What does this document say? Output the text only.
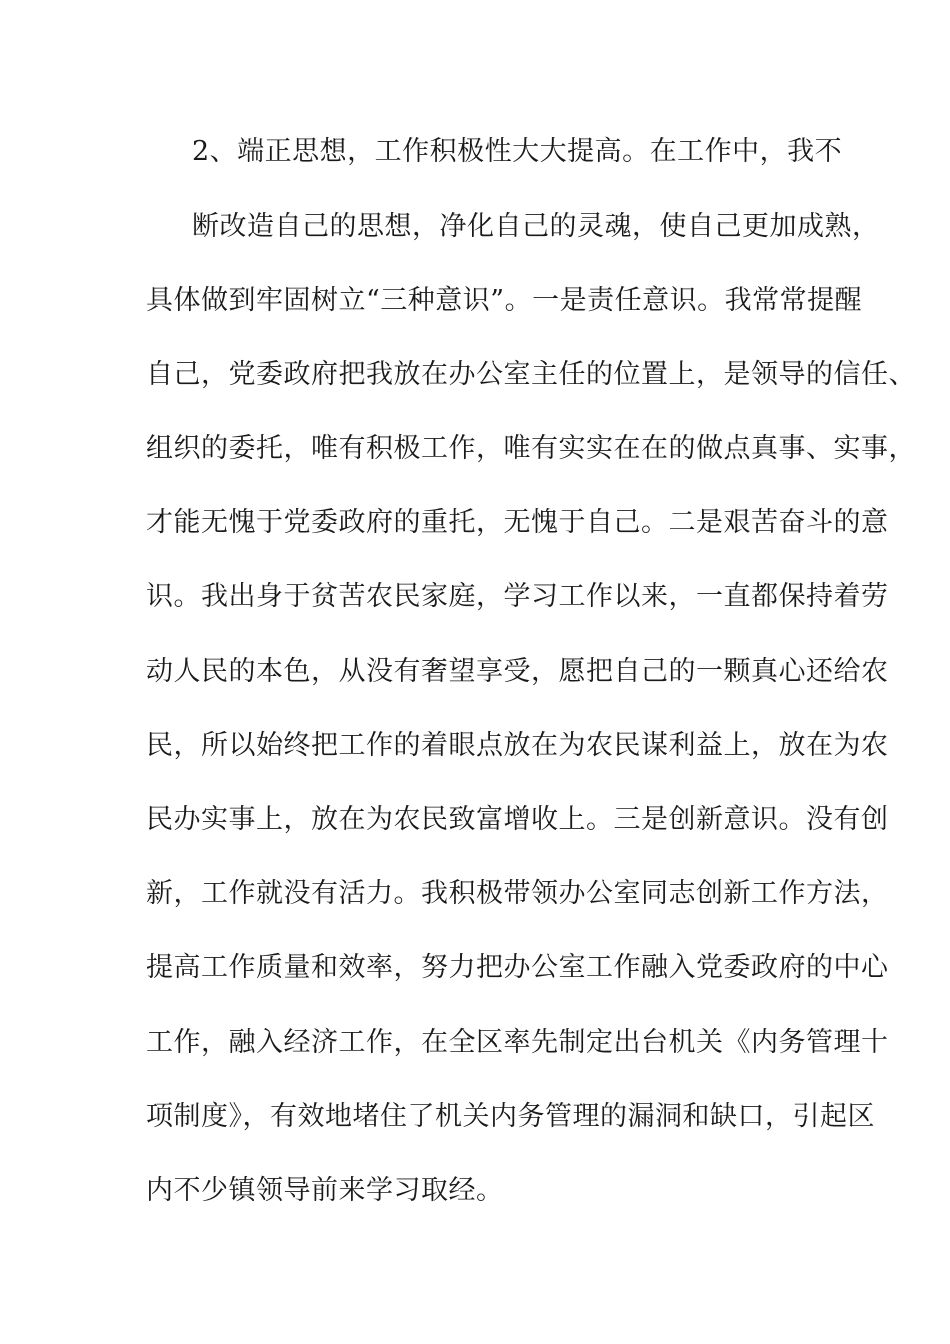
2、端正思想，工作积极性大大提高。在工作中，我不
断改造自己的思想，净化自己的灵魂，使自己更加成熟，
具体做到牢固树立“三种意识”。一是责任意识。我常常提醒
自己，党委政府把我放在办公室主任的位置上，是领导的信任、
组织的委托，唯有积极工作，唯有实实在在的做点真事、实事，
才能无愧于党委政府的重托，无愧于自己。二是艰苦奋斗的意
识。我出身于贫苦农民家庭，学习工作以来，一直都保持着劳
动人民的本色，从没有奢望享受，愿把自己的一颗真心还给农
民，所以始终把工作的着眼点放在为农民谋利益上，放在为农
民办实事上，放在为农民致富增收上。三是创新意识。没有创
新，工作就没有活力。我积极带领办公室同志创新工作方法，
提高工作质量和效率，努力把办公室工作融入党委政府的中心
工作，融入经济工作，在全区率先制定出台机关《内务管理十
项制度》，有效地堵住了机关内务管理的漏洞和缺口，引起区
内不少镇领导前来学习取经。
